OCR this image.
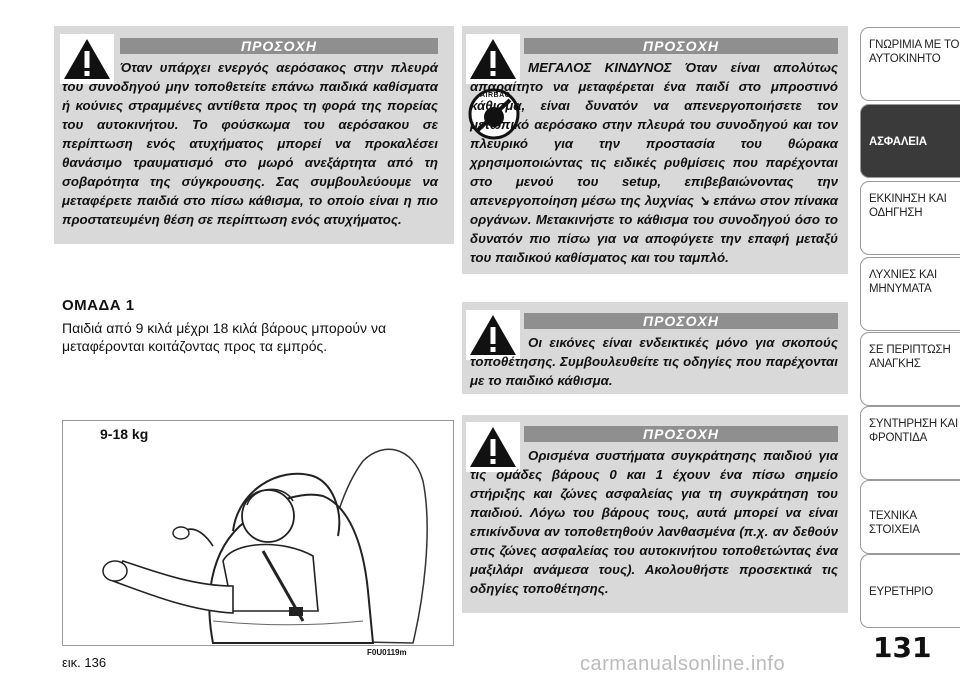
ΠΡΟΣΟΧΗ

Όταν υπάρχει ενεργός αερόσακος στην πλευρά του συνοδηγού μην τοποθετείτε επάνω παιδικά καθίσματα ή κούνιες στραμμένες αντίθετα προς τη φορά της πορείας του αυτοκινήτου. Το φούσκωμα του αερόσακου σε περίπτωση ενός ατυχήματος μπορεί να προκαλέσει θανάσιμο τραυματισμό στο μωρό ανεξάρτητα από τη σοβαρότητα της σύγκρουσης. Σας συμβουλεύουμε να μεταφέρετε παιδιά στο πίσω κάθισμα, το οποίο είναι η πιο προστατευμένη θέση σε περίπτωση ενός ατυχήματος.

AIRBAG
ΠΡΟΣΟΧΗ

ΜΕΓΑΛΟΣ ΚΙΝΔΥΝΟΣ Όταν είναι απολύτως απαραίτητο να μεταφέρεται ένα παιδί στο μπροστινό κάθισμα, είναι δυνατόν να απενεργοποιήσετε τον μετωπικό αερόσακο στην πλευρά του συνοδηγού και τον πλευρικό για την προστασία του θώρακα χρησιμοποιώντας τις ειδικές ρυθμίσεις που παρέχονται στο μενού του setup, επιβεβαιώνοντας την απενεργοποίηση μέσω της λυχνίας ↘ επάνω στον πίνακα οργάνων. Μετακινήστε το κάθισμα του συνοδηγού όσο το δυνατόν πιο πίσω για να αποφύγετε την επαφή μεταξύ του παιδικού καθίσματος και του ταμπλό.

ΟΜΑΔΑ 1
Παιδιά από 9 κιλά μέχρι 18 κιλά βάρους μπορούν να μεταφέρονται κοιτάζοντας προς τα εμπρός.
ΠΡΟΣΟΧΗ

Οι εικόνες είναι ενδεικτικές μόνο για σκοπούς τοποθέτησης. Συμβουλευθείτε τις οδηγίες που παρέχονται με το παιδικό κάθισμα.

ΠΡΟΣΟΧΗ

Ορισμένα συστήματα συγκράτησης παιδιού για τις ομάδες βάρους 0 και 1 έχουν ένα πίσω σημείο στήριξης και ζώνες ασφαλείας για τη συγκράτηση του παιδιού. Λόγω του βάρους τους, αυτά μπορεί να είναι επικίνδυνα αν τοποθετηθούν λανθασμένα (π.χ. αν δεθούν στις ζώνες ασφαλείας του αυτοκινήτου τοποθετώντας ένα μαξιλάρι ανάμεσα τους). Ακολουθήστε προσεκτικά τις οδηγίες τοποθέτησης.

9-18 kg
εικ. 136
F0U0119m
ΓΝΩΡΙΜΙΑ ΜΕ ΤΟ ΑΥΤΟΚΙΝΗΤΟ
ΑΣΦΑΛΕΙΑ
ΕΚΚΙΝΗΣΗ ΚΑΙ ΟΔΗΓΗΣΗ
ΛΥΧΝΙΕΣ ΚΑΙ ΜΗΝΥΜΑΤΑ
ΣΕ ΠΕΡΙΠΤΩΣΗ ΑΝΑΓΚΗΣ
ΣΥΝΤΗΡΗΣΗ ΚΑΙ ΦΡΟΝΤΙΔΑ
ΤΕΧΝΙΚΑ ΣΤΟΙΧΕΙΑ
ΕΥΡΕΤΗΡΙΟ
131
carmanualsonline.info
